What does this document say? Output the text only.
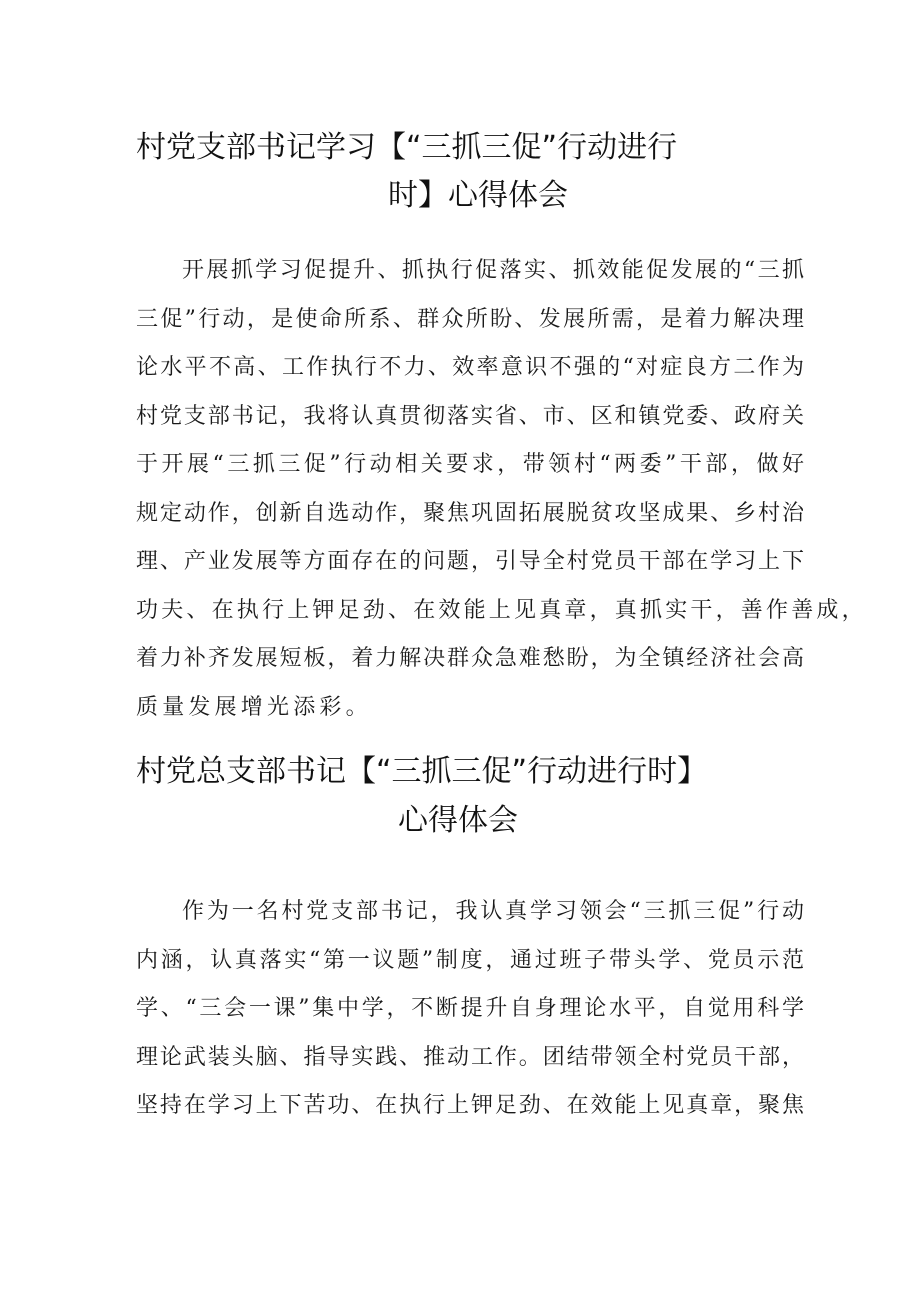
村党支部书记学习【“三抓三促”行动进行
时】心得体会
开展抓学习促提升、抓执行促落实、抓效能促发展的“三抓
三促”行动，是使命所系、群众所盼、发展所需，是着力解决理
论水平不高、工作执行不力、效率意识不强的“对症良方二作为
村党支部书记，我将认真贯彻落实省、市、区和镇党委、政府关
于开展“三抓三促”行动相关要求，带领村“两委”干部，做好
规定动作，创新自选动作，聚焦巩固拓展脱贫攻坚成果、乡村治
理、产业发展等方面存在的问题，引导全村党员干部在学习上下
功夫、在执行上钾足劲、在效能上见真章，真抓实干，善作善成，
着力补齐发展短板，着力解决群众急难愁盼，为全镇经济社会高
质量发展增光添彩。
村党总支部书记【“三抓三促”行动进行时】
心得体会
作为一名村党支部书记，我认真学习领会“三抓三促”行动
内涵，认真落实“第一议题”制度，通过班子带头学、党员示范
学、“三会一课”集中学，不断提升自身理论水平，自觉用科学
理论武装头脑、指导实践、推动工作。团结带领全村党员干部，
坚持在学习上下苦功、在执行上钾足劲、在效能上见真章，聚焦
